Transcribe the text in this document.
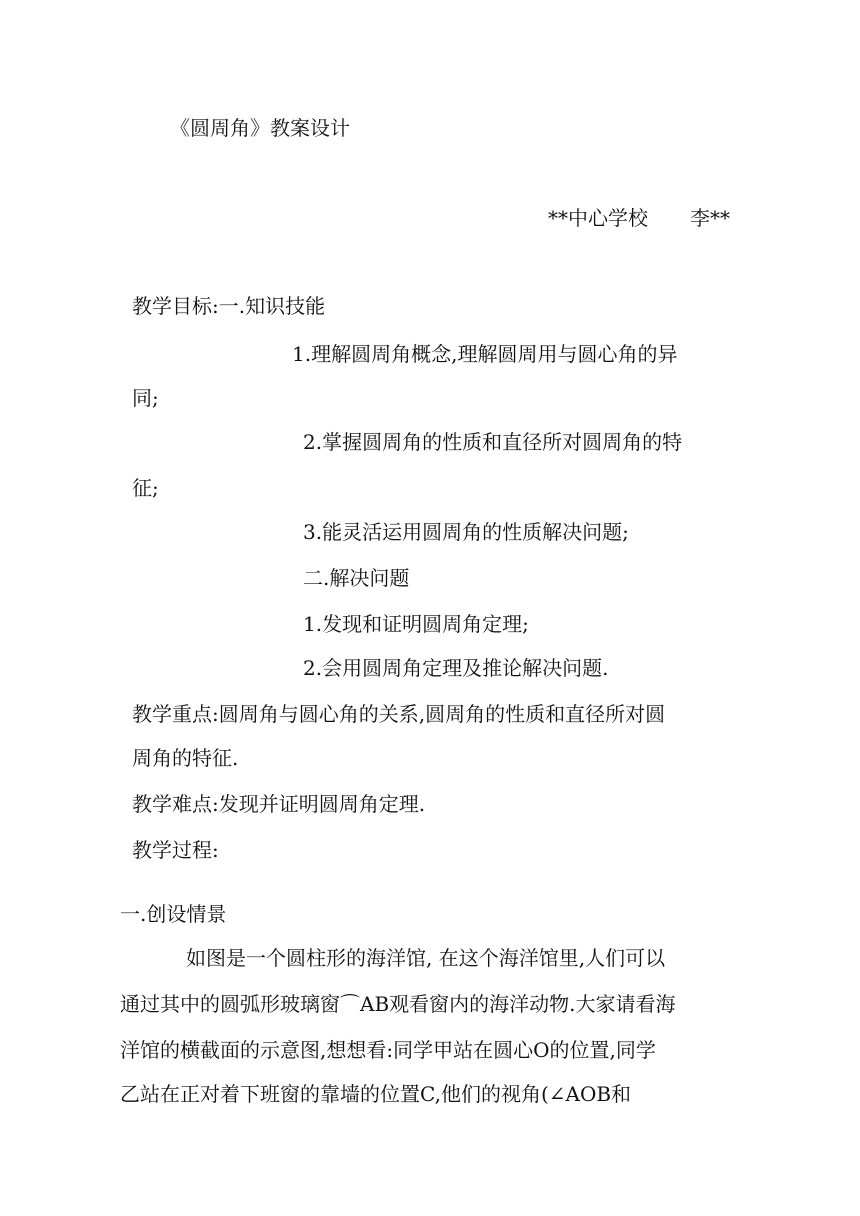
《圆周角》教案设计
**中心学校 李**
教学目标:一.知识技能
1.理解圆周角概念,理解圆周用与圆心角的异
同;
2.掌握圆周角的性质和直径所对圆周角的特
征;
3.能灵活运用圆周角的性质解决问题;
二.解决问题
1.发现和证明圆周角定理;
2.会用圆周角定理及推论解决问题.
教学重点:圆周角与圆心角的关系,圆周角的性质和直径所对圆
周角的特征.
教学难点:发现并证明圆周角定理.
教学过程:
一.创设情景
如图是一个圆柱形的海洋馆, 在这个海洋馆里,人们可以
通过其中的圆弧形玻璃窗⌒AB观看窗内的海洋动物.大家请看海
洋馆的横截面的示意图,想想看:同学甲站在圆心O的位置,同学
乙站在正对着下班窗的靠墙的位置C,他们的视角(∠AOB和
